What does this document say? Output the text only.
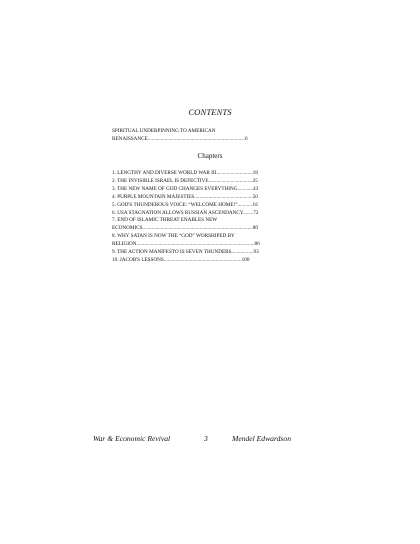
CONTENTS
SPIRITUAL UNDERPINNING TO AMERICAN
RENAISSANCE...........................................................................6
Chapters
1. LENGTHY AND DIVERSE WORLD WAR III............................18
2. THE INVISIBLE ISRAEL IS DEFECTIVE..................................25
3. THE NEW NAME OF GOD CHANGES EVERYTHING............43
4. PURPLE MOUNTAIN MAJESTIES.............................................50
5. GOD'S THUNDEROUS VOICE: “WELCOME HOME!”............61
6. USA STAGNATION ALLOWS RUSSIAN ASCENDANCY........72
7. END OF ISLAMIC THREAT ENABLES NEW
ECONOMICS.....................................................................................80
8. WHY SATAN IS NOW THE “GOD” WORSHIPED BY
RELIGION...........................................................................................86
9. THE ACTION MANIFESTO IS SEVEN THUNDERS.................93
10. JACOB'S LESSONS............................................................100
War & Economic Revival	3	Mendel Edwardson
